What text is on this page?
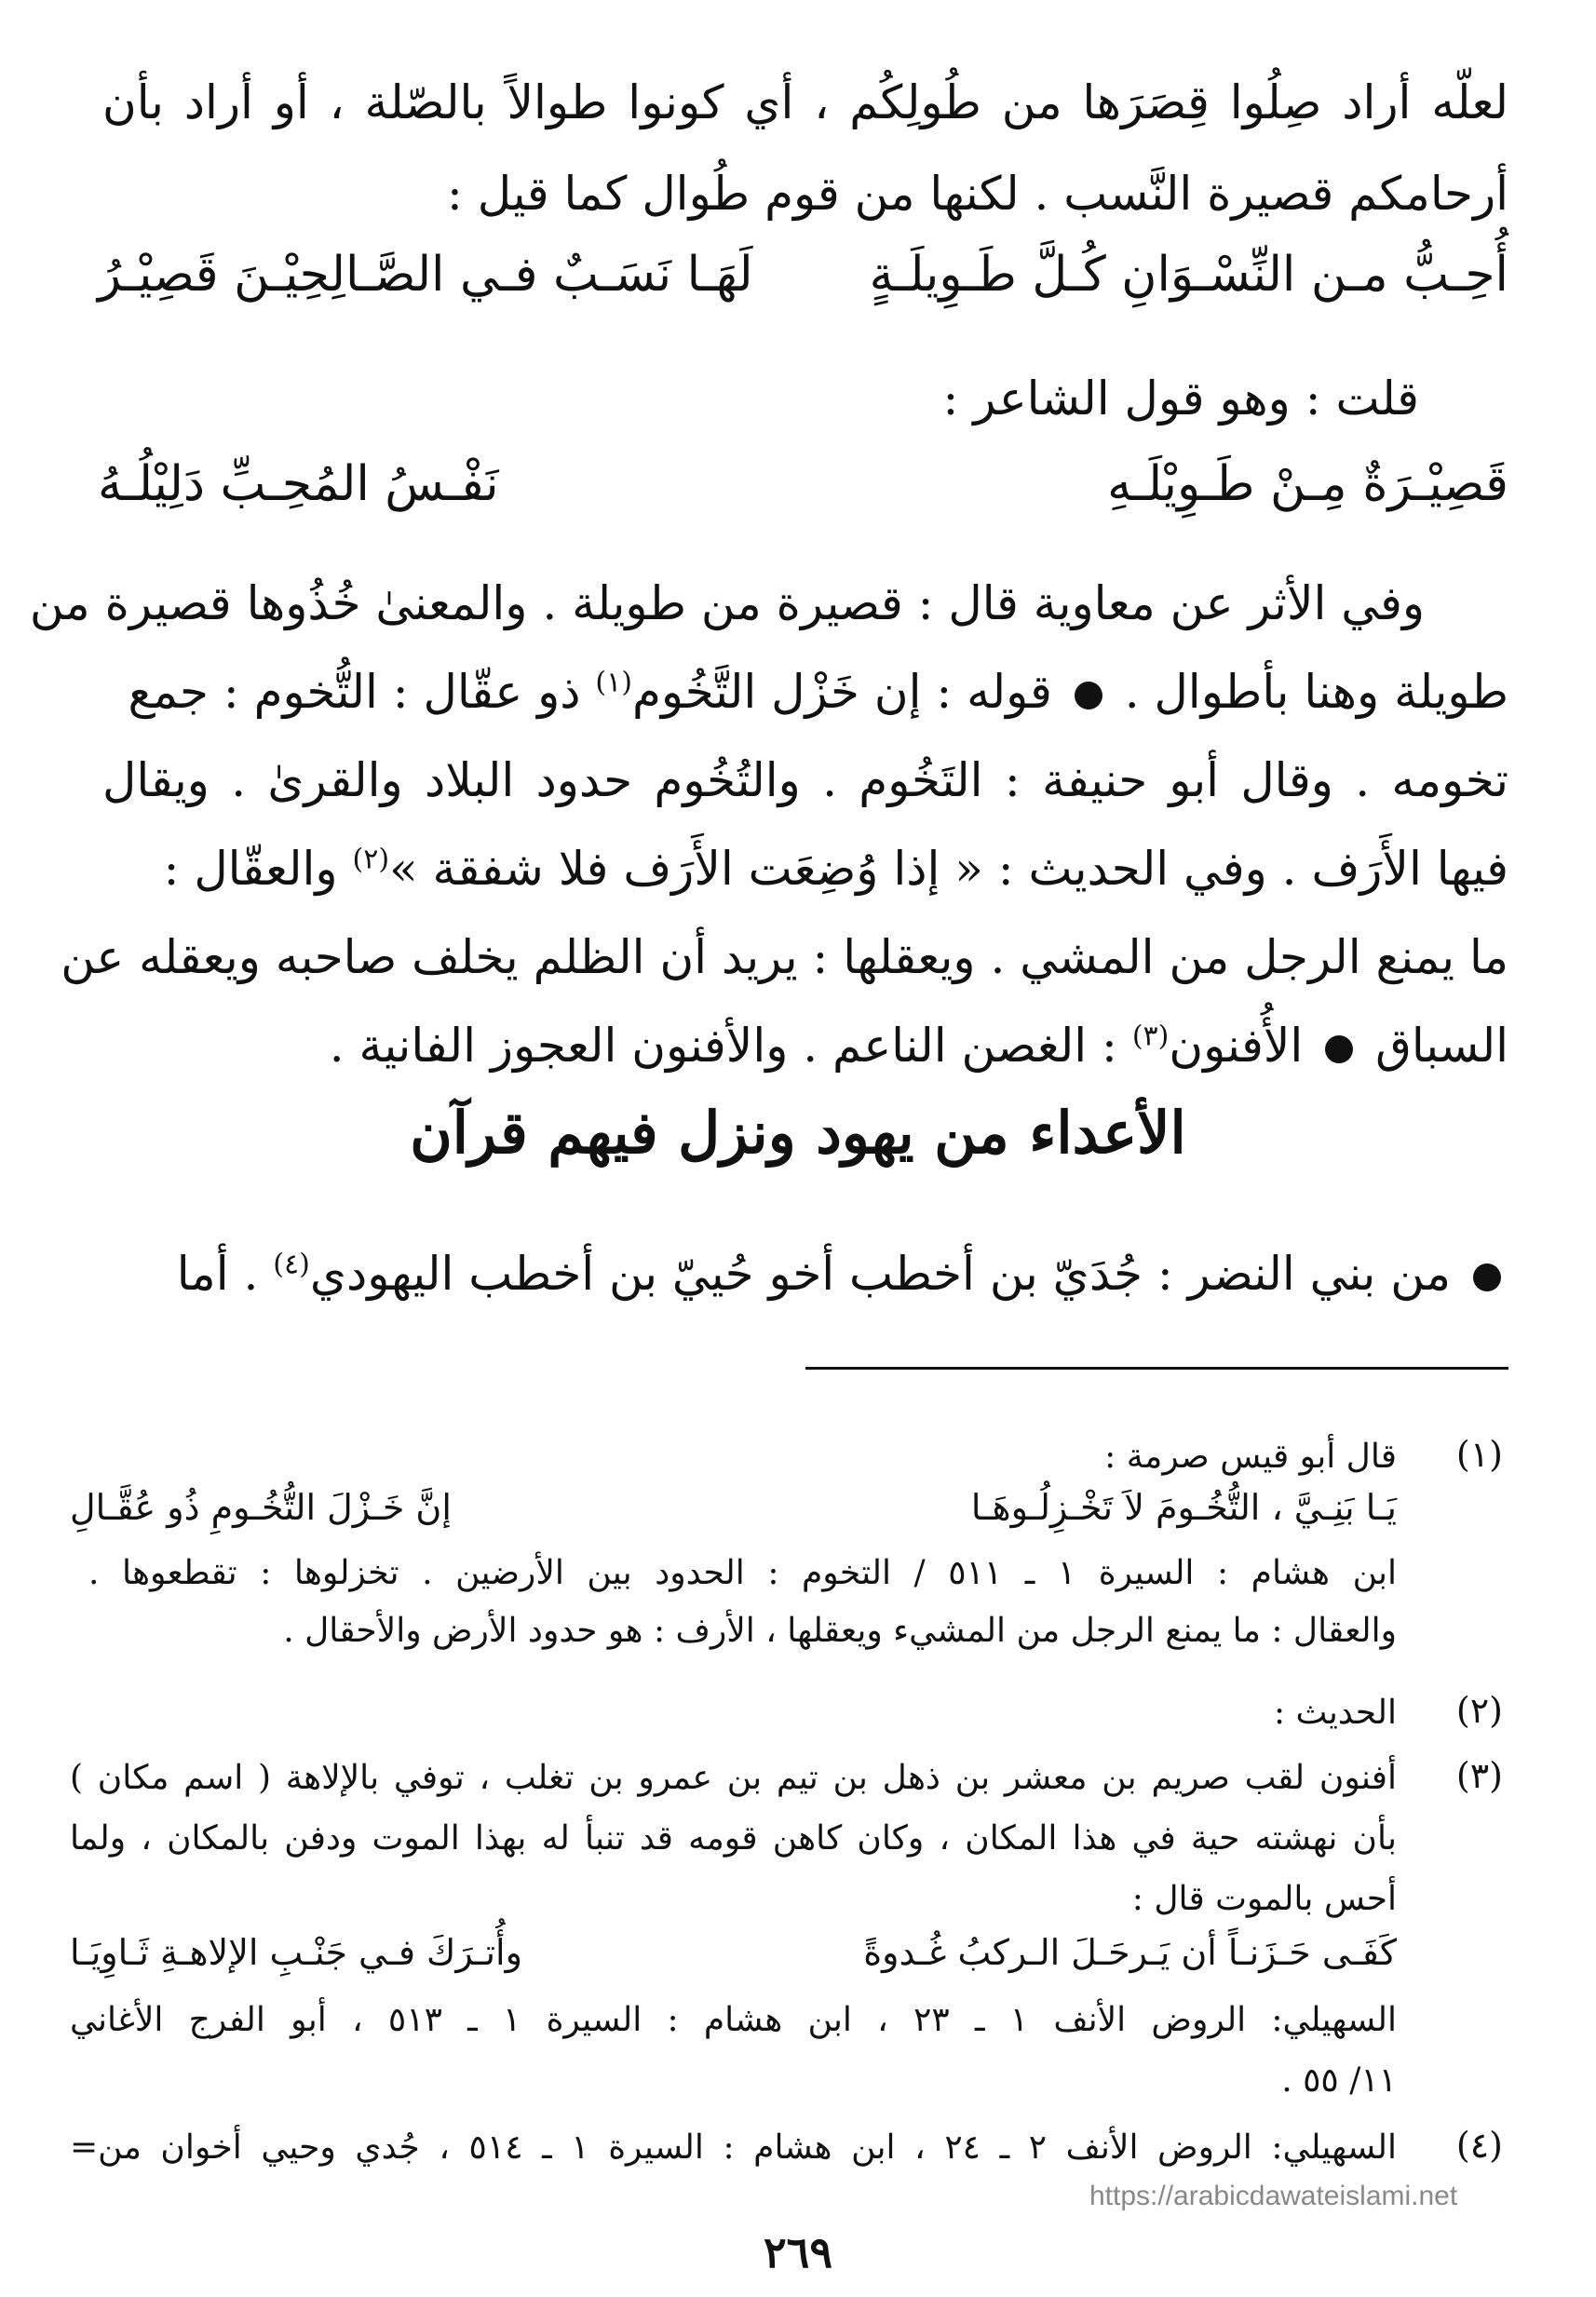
لعلّه أراد صِلُوا قِصَرَها من طُولِكُم ، أي كونوا طوالاً بالصّلة ، أو أراد بأن
أرحامكم قصيرة النَّسب . لكنها من قوم طُوال كما قيل :
أُحِـبُّ مـن النِّسْـوَانِ كُـلَّ طَـوِيلَـةٍ
لَهَـا نَسَـبٌ فـي الصَّـالِحِيْـنَ قَصِيْـرُ
قلت : وهو قول الشاعر :
قَصِيْـرَةٌ مِـنْ طَـوِيْلَـهِ
نَفْـسُ المُحِـبِّ دَلِيْلُـهُ
وفي الأثر عن معاوية قال : قصيرة من طويلة . والمعنىٰ خُذُوها قصيرة من
طويلة وهنا بأطوال .  قوله : إن خَزْل التَّخُوم$^{(١)}$ ذو عقّال : التُّخوم : جمع
تخومه . وقال أبو حنيفة : التَخُوم . والتُخُوم حدود البلاد والقرىٰ . ويقال
فيها الأَرَف . وفي الحديث : « إذا وُضِعَت الأَرَف فلا شفقة »$^{(٢)}$ والعقّال :
ما يمنع الرجل من المشي . ويعقلها : يريد أن الظلم يخلف صاحبه ويعقله عن
السباق  الأُفنون$^{(٣)}$ : الغصن الناعم . والأفنون العجوز الفانية .
الأعداء من يهود ونزل فيهم قرآن
من بني النضر : جُدَيّ بن أخطب أخو حُييّ بن أخطب اليهودي$^{(٤)}$ . أما
(١)
قال أبو قيس صرمة :
يَـا بَنِـيَّ ، التُّخُـومَ لاَ تَخْـزِلُـوهَـا
إنَّ خَـزْلَ التُّخُـومِ ذُو عُقَّـالِ
ابن هشام : السيرة ١ ـ ٥١١ / التخوم : الحدود بين الأرضين . تخزلوها : تقطعوها .
والعقال : ما يمنع الرجل من المشيء ويعقلها ، الأرف : هو حدود الأرض والأحقال .
(٢)
الحديث :
(٣)
أفنون لقب صريم بن معشر بن ذهل بن تيم بن عمرو بن تغلب ، توفي بالإلاهة ( اسم مكان )
بأن نهشته حية في هذا المكان ، وكان كاهن قومه قد تنبأ له بهذا الموت ودفن بالمكان ، ولما
أحس بالموت قال :
كَفَـى حَـزَنـاً أن يَـرحَـلَ الـركبُ غُـدوةً
وأُتـرَكَ فـي جَنْـبِ الإلاهـةِ ثَـاوِيَـا
السهيلي: الروض الأنف ١ ـ ٢٣ ، ابن هشام : السيرة ١ ـ ٥١٣ ، أبو الفرج الأغاني
١١/ ٥٥ .
(٤)
السهيلي: الروض الأنف ٢ ـ ٢٤ ، ابن هشام : السيرة ١ ـ ٥١٤ ، جُدي وحيي أخوان من=
https://arabicdawateislami.net
٢٦٩
